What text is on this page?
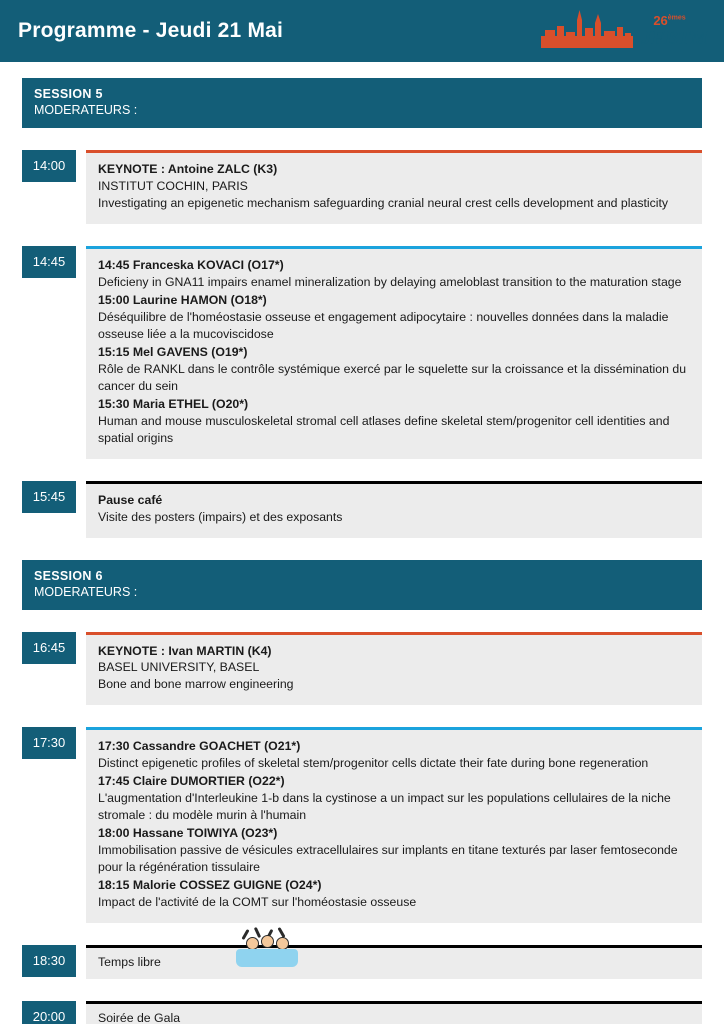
Programme - Jeudi 21 Mai	26èmes
JFBTM
SESSION 5
MODERATEURS :
14:00	KEYNOTE : Antoine ZALC (K3)
INSTITUT COCHIN, PARIS
Investigating an epigenetic mechanism safeguarding cranial neural crest cells development and plasticity
14:45	14:45 Franceska KOVACI (O17*)
Deficieny in GNA11 impairs enamel mineralization by delaying ameloblast transition to the maturation stage
15:00 Laurine HAMON (O18*)
Déséquilibre de l'homéostasie osseuse et engagement adipocytaire : nouvelles données dans la maladie osseuse liée a la mucoviscidose
15:15 Mel GAVENS (O19*)
Rôle de RANKL dans le contrôle systémique exercé par le squelette sur la croissance et la dissémination du cancer du sein
15:30 Maria ETHEL (O20*)
Human and mouse musculoskeletal stromal cell atlases define skeletal stem/progenitor cell identities and spatial origins
15:45	Pause café
Visite des posters (impairs) et des exposants
SESSION 6
MODERATEURS :
16:45	KEYNOTE : Ivan MARTIN (K4)
BASEL UNIVERSITY, BASEL
Bone and bone marrow engineering
17:30	17:30 Cassandre GOACHET (O21*)
Distinct epigenetic profiles of skeletal stem/progenitor cells dictate their fate during bone regeneration
17:45 Claire DUMORTIER (O22*)
L'augmentation d'Interleukine 1-b dans la cystinose a un impact sur les populations cellulaires de la niche stromale : du modèle murin à l'humain
18:00 Hassane TOIWIYA (O23*)
Immobilisation passive de vésicules extracellulaires sur implants en titane texturés par laser femtoseconde pour la régénération tissulaire
18:15 Malorie COSSEZ GUIGNE (O24*)
Impact de l'activité de la COMT sur l'homéostasie osseuse
18:30	Temps libre
20:00	Soirée de Gala
